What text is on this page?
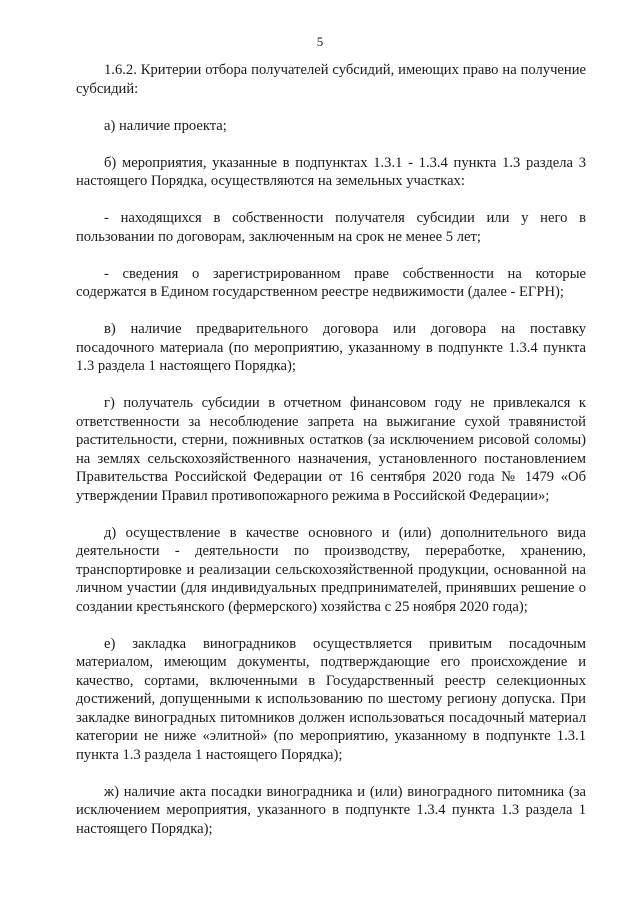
5

1.6.2. Критерии отбора получателей субсидий, имеющих право на получение субсидий:

а) наличие проекта;

б) мероприятия, указанные в подпунктах 1.3.1 - 1.3.4 пункта 1.3 раздела 3 настоящего Порядка, осуществляются на земельных участках:

- находящихся в собственности получателя субсидии или у него в пользовании по договорам, заключенным на срок не менее 5 лет;

- сведения о зарегистрированном праве собственности на которые содержатся в Едином государственном реестре недвижимости (далее - ЕГРН);

в) наличие предварительного договора или договора на поставку посадочного материала (по мероприятию, указанному в подпункте 1.3.4 пункта 1.3 раздела 1 настоящего Порядка);

г) получатель субсидии в отчетном финансовом году не привлекался к ответственности за несоблюдение запрета на выжигание сухой травянистой растительности, стерни, пожнивных остатков (за исключением рисовой соломы) на землях сельскохозяйственного назначения, установленного постановлением Правительства Российской Федерации от 16 сентября 2020 года № 1479 «Об утверждении Правил противопожарного режима в Российской Федерации»;

д) осуществление в качестве основного и (или) дополнительного вида деятельности - деятельности по производству, переработке, хранению, транспортировке и реализации сельскохозяйственной продукции, основанной на личном участии (для индивидуальных предпринимателей, принявших решение о создании крестьянского (фермерского) хозяйства с 25 ноября 2020 года);

е) закладка виноградников осуществляется привитым посадочным материалом, имеющим документы, подтверждающие его происхождение и качество, сортами, включенными в Государственный реестр селекционных достижений, допущенными к использованию по шестому региону допуска. При закладке виноградных питомников должен использоваться посадочный материал категории не ниже «элитной» (по мероприятию, указанному в подпункте 1.3.1 пункта 1.3 раздела 1 настоящего Порядка);

ж) наличие акта посадки виноградника и (или) виноградного питомника (за исключением мероприятия, указанного в подпункте 1.3.4 пункта 1.3 раздела 1 настоящего Порядка);
